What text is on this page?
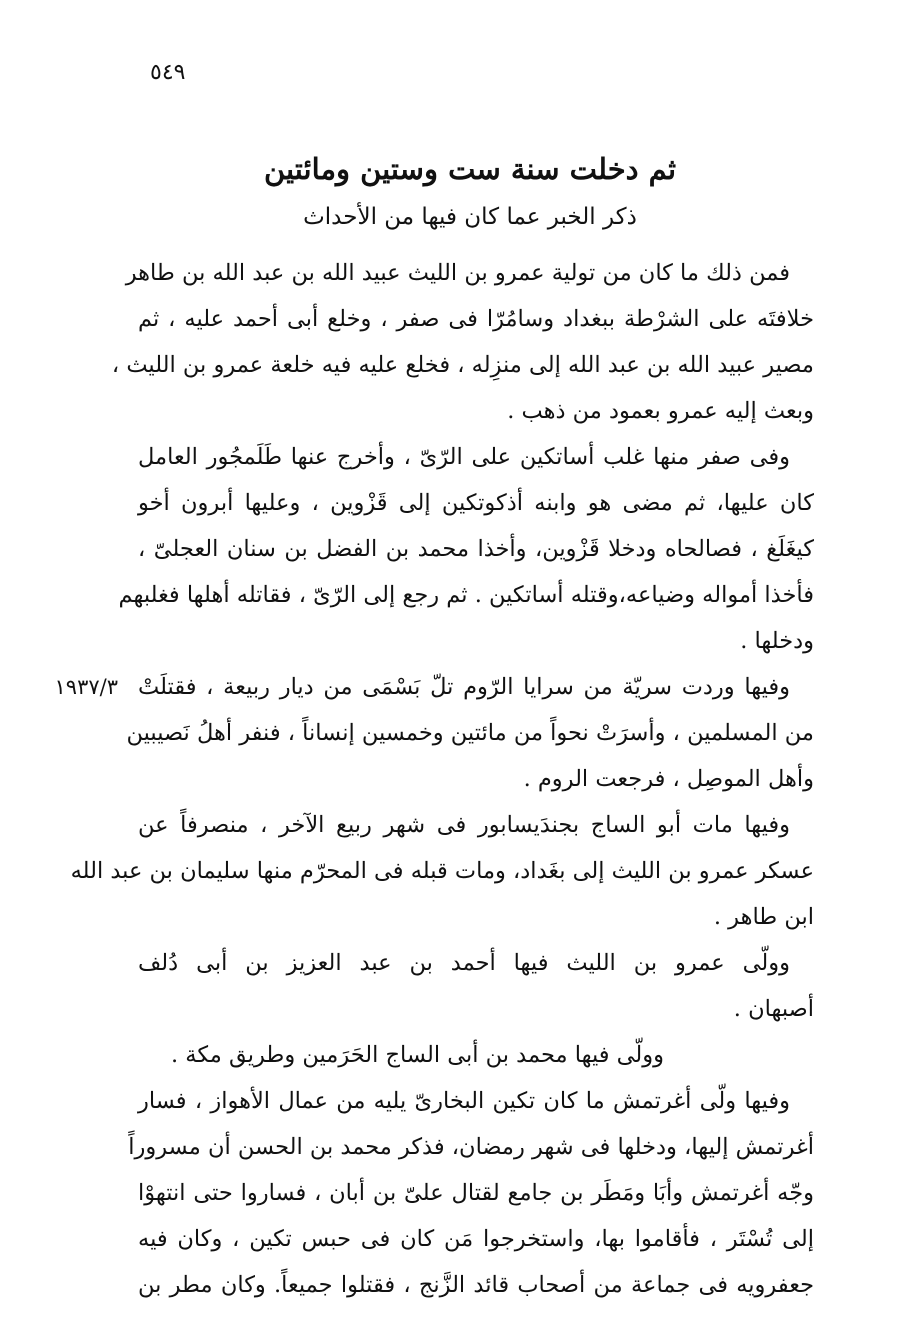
٥٤٩
ثم دخلت سنة ست وستين ومائتين
ذكر الخبر عما كان فيها من الأحداث
فمن ذلك ما كان من تولية عمرو بن الليث عبيد الله بن عبد الله بن طاهر
خلافتَه على الشرْطة ببغداد وسامُرّا فى صفر ، وخلع أبى أحمد عليه ، ثم
مصير عبيد الله بن عبد الله إلى منزِله ، فخلع عليه فيه خلعة عمرو بن الليث ،
وبعث إليه عمرو بعمود من ذهب .
وفى صفر منها غلب أساتكين على الرّىّ ، وأخرج عنها طَلَمجُور العامل
كان عليها، ثم مضى هو وابنه أذكوتكين إلى قَزْوين ، وعليها أبرون أخو
كيغَلَغ ، فصالحاه ودخلا قَزْوين، وأخذا محمد بن الفضل بن سنان العجلىّ ،
فأخذا أمواله وضياعه،وقتله أساتكين . ثم رجع إلى الرّىّ ، فقاتله أهلها فغلبهم
ودخلها .
١٩٣٧/٣ وفيها وردت سريّة من سرايا الرّوم تلّ بَسْمَى من ديار ربيعة ، فقتلَتْ
من المسلمين ، وأسرَتْ نحواً من مائتين وخمسين إنساناً ، فنفر أهلُ نَصيبين
وأهل الموصِل ، فرجعت الروم .
وفيها مات أبو الساج بجندَيسابور فى شهر ربيع الآخر ، منصرفاً عن
عسكر عمرو بن الليث إلى بغَداد، ومات قبله فى المحرّم منها سليمان بن عبد الله
ابن طاهر .
وولّى عمرو بن الليث فيها أحمد بن عبد العزيز بن أبى دُلف
أصبهان .
وولّى فيها محمد بن أبى الساج الحَرَمين وطريق مكة .
وفيها ولّى أغرتمش ما كان تكين البخارىّ يليه من عمال الأهواز ، فسار
أغرتمش إليها، ودخلها فى شهر رمضان، فذكر محمد بن الحسن أن مسروراً
وجّه أغرتمش وأبَا ومَطَر بن جامع لقتال علىّ بن أبان ، فساروا حتى انتهوْا
إلى تُسْتَر ، فأقاموا بها، واستخرجوا مَن كان فى حبس تكين ، وكان فيه
جعفرويه فى جماعة من أصحاب قائد الزَّنج ، فقتلوا جميعاً. وكان مطر بن
